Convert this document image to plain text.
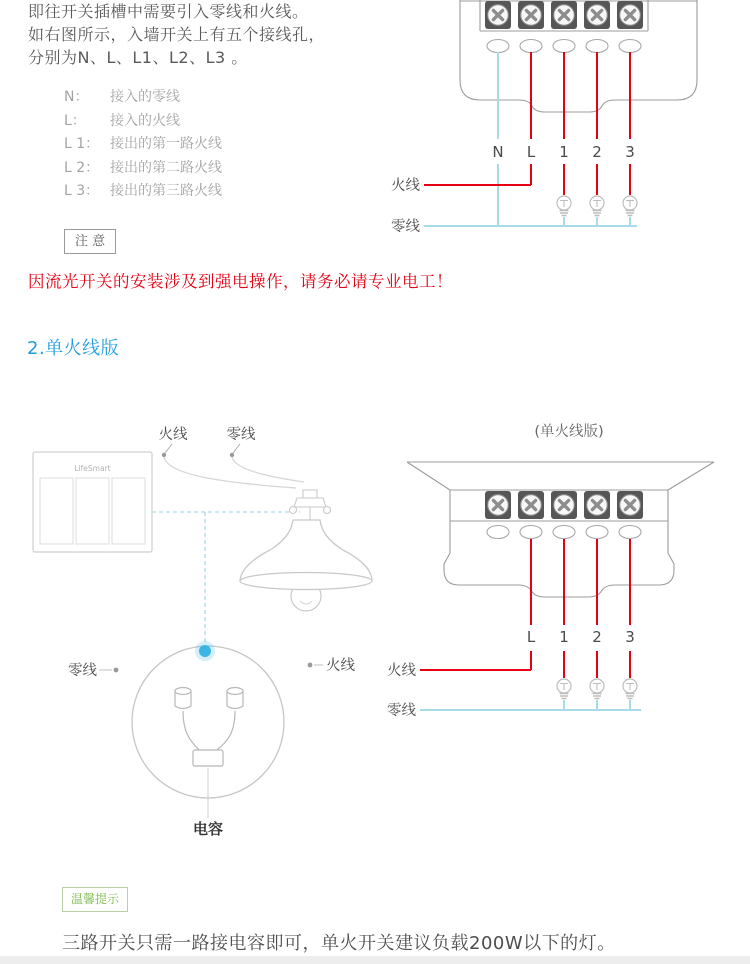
即往开关插槽中需要引入零线和火线。
如右图所示，入墙开关上有五个接线孔，
分别为N、L、L1、L2、L3 。
N：	接入的零线
L：	接入的火线
L 1： 接出的第一路火线
L 2： 接出的第二路火线
L 3： 接出的第三路火线
注 意
因流光开关的安装涉及到强电操作，请务必请专业电工！
2.单火线版
N L 1 2 3
火线
零线
火线	零线
LifeSmart
电容
零线	火线
(单火线版)
L 1 2 3
火线
零线
温馨提示
三路开关只需一路接电容即可，单火开关建议负载200W以下的灯。
